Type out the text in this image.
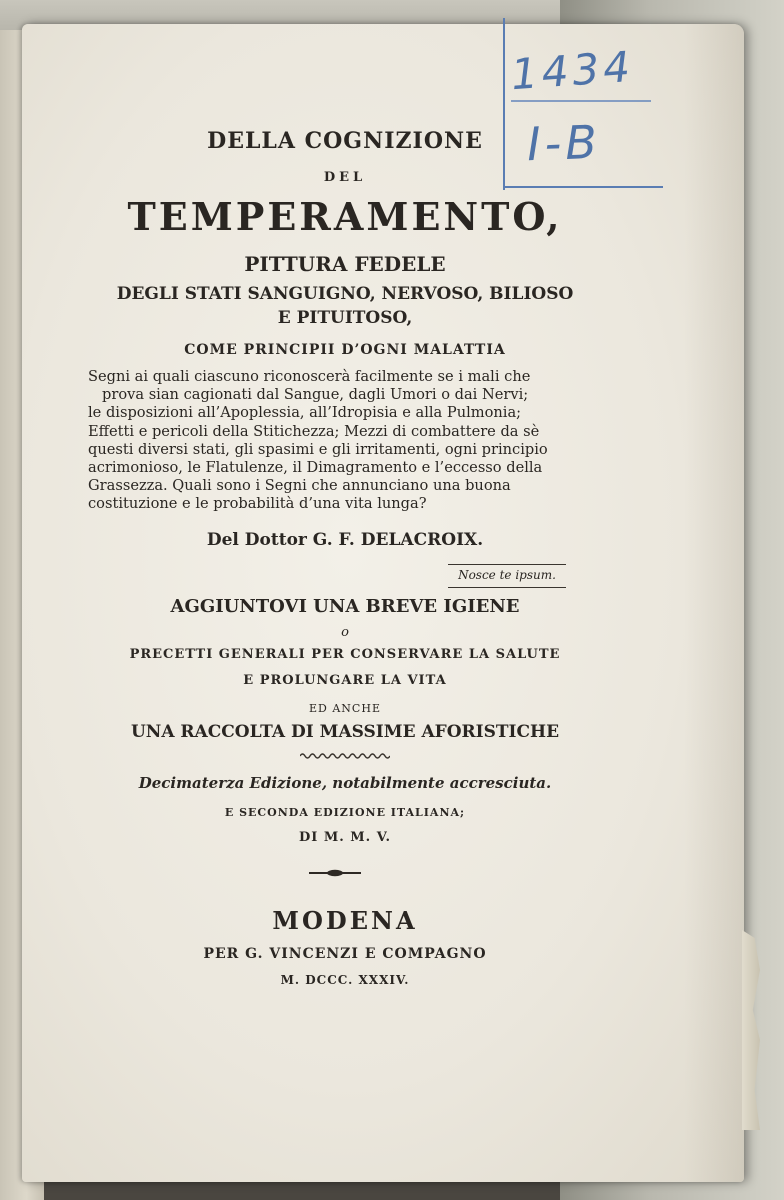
1434
I-B
DELLA COGNIZIONE
DEL
TEMPERAMENTO,
PITTURA FEDELE
DEGLI STATI SANGUIGNO, NERVOSO, BILIOSO
E PITUITOSO,
COME PRINCIPII D’OGNI MALATTIA
Segni ai quali ciascuno riconoscerà facilmente se i mali che
prova sian cagionati dal Sangue, dagli Umori o dai Nervi;
le disposizioni all’Apoplessia, all’Idropisia e alla Pulmonia;
Effetti e pericoli della Stitichezza; Mezzi di combattere da sè
questi diversi stati, gli spasimi e gli irritamenti, ogni principio
acrimonioso, le Flatulenze, il Dimagramento e l’eccesso della
Grassezza. Quali sono i Segni che annunciano una buona
costituzione e le probabilità d’una vita lunga?
Del Dottor G. F. DELACROIX.
Nosce te ipsum.
AGGIUNTOVI UNA BREVE IGIENE
o
PRECETTI GENERALI PER CONSERVARE LA SALUTE
E PROLUNGARE LA VITA
ED ANCHE
UNA RACCOLTA DI MASSIME AFORISTICHE
Decimaterza Edizione, notabilmente accresciuta.
E SECONDA EDIZIONE ITALIANA;
DI M. M. V.
MODENA
PER G. VINCENZI E COMPAGNO
M. DCCC. XXXIV.
